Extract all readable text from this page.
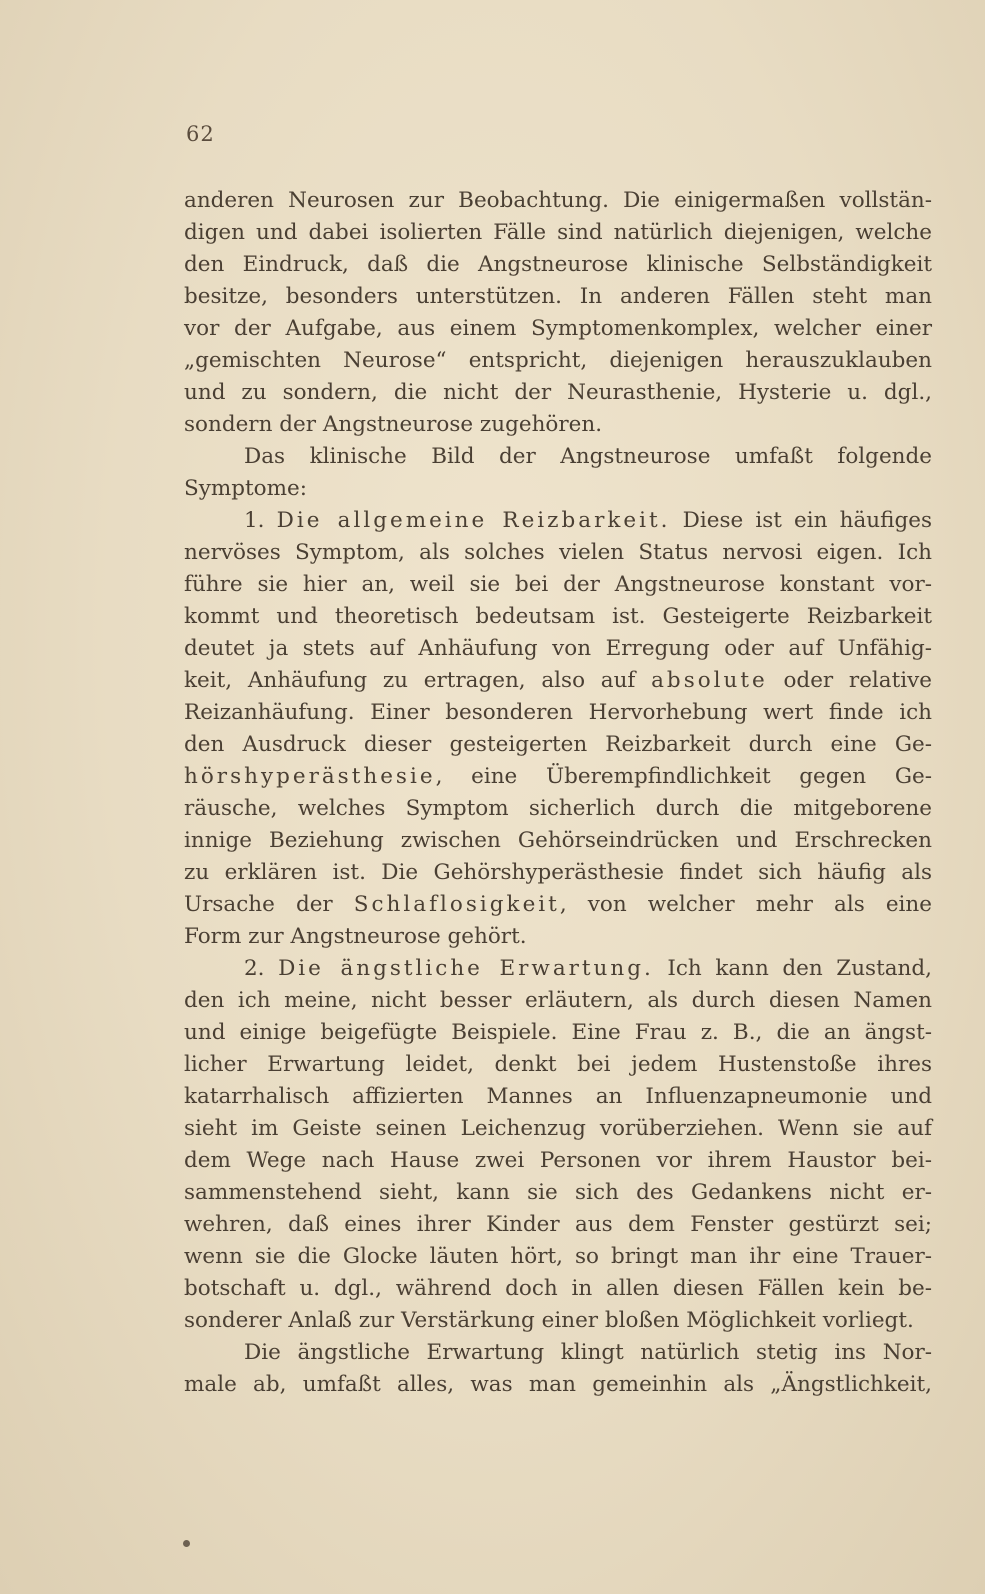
62
anderen Neurosen zur Beobachtung. Die einigermaßen vollstän-
digen und dabei isolierten Fälle sind natürlich diejenigen, welche
den Eindruck, daß die Angstneurose klinische Selbständigkeit
besitze, besonders unterstützen. In anderen Fällen steht man
vor der Aufgabe, aus einem Symptomenkomplex, welcher einer
„gemischten Neurose“ entspricht, diejenigen herauszuklauben
und zu sondern, die nicht der Neurasthenie, Hysterie u. dgl.,
sondern der Angstneurose zugehören.
Das klinische Bild der Angstneurose umfaßt folgende
Symptome:
1. Die allgemeine Reizbarkeit. Diese ist ein häufiges
nervöses Symptom, als solches vielen Status nervosi eigen. Ich
führe sie hier an, weil sie bei der Angstneurose konstant vor-
kommt und theoretisch bedeutsam ist. Gesteigerte Reizbarkeit
deutet ja stets auf Anhäufung von Erregung oder auf Unfähig-
keit, Anhäufung zu ertragen, also auf absolute oder relative
Reizanhäufung. Einer besonderen Hervorhebung wert finde ich
den Ausdruck dieser gesteigerten Reizbarkeit durch eine Ge-
hörshyperästhesie, eine Überempfindlichkeit gegen Ge-
räusche, welches Symptom sicherlich durch die mitgeborene
innige Beziehung zwischen Gehörseindrücken und Erschrecken
zu erklären ist. Die Gehörshyperästhesie findet sich häufig als
Ursache der Schlaflosigkeit, von welcher mehr als eine
Form zur Angstneurose gehört.
2. Die ängstliche Erwartung. Ich kann den Zustand,
den ich meine, nicht besser erläutern, als durch diesen Namen
und einige beigefügte Beispiele. Eine Frau z. B., die an ängst-
licher Erwartung leidet, denkt bei jedem Hustenstoße ihres
katarrhalisch affizierten Mannes an Influenzapneumonie und
sieht im Geiste seinen Leichenzug vorüberziehen. Wenn sie auf
dem Wege nach Hause zwei Personen vor ihrem Haustor bei-
sammenstehend sieht, kann sie sich des Gedankens nicht er-
wehren, daß eines ihrer Kinder aus dem Fenster gestürzt sei;
wenn sie die Glocke läuten hört, so bringt man ihr eine Trauer-
botschaft u. dgl., während doch in allen diesen Fällen kein be-
sonderer Anlaß zur Verstärkung einer bloßen Möglichkeit vorliegt.
Die ängstliche Erwartung klingt natürlich stetig ins Nor-
male ab, umfaßt alles, was man gemeinhin als „Ängstlichkeit,
